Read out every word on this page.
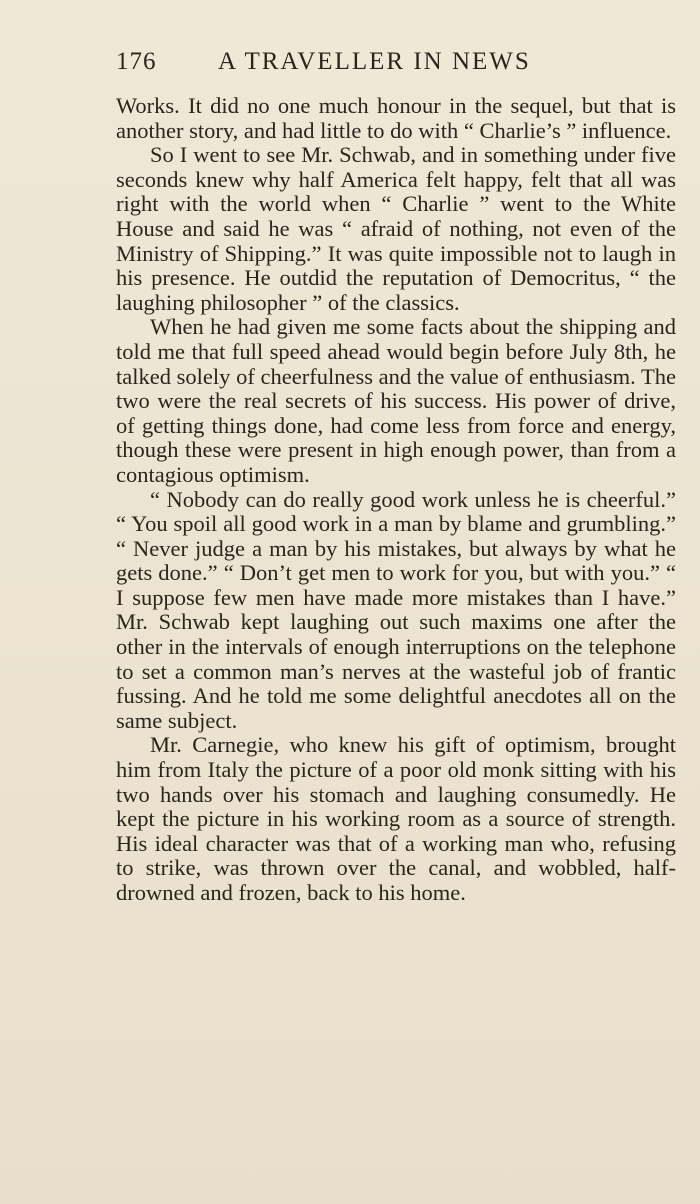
176	A TRAVELLER IN NEWS

Works. It did no one much honour in the sequel, but that is another story, and had little to do with “ Charlie’s ” influence.

So I went to see Mr. Schwab, and in something under five seconds knew why half America felt happy, felt that all was right with the world when “ Charlie ” went to the White House and said he was “ afraid of nothing, not even of the Ministry of Shipping.” It was quite impossible not to laugh in his presence. He outdid the reputation of Democritus, “ the laughing philosopher ” of the classics.

When he had given me some facts about the shipping and told me that full speed ahead would begin before July 8th, he talked solely of cheerfulness and the value of enthusiasm. The two were the real secrets of his success. His power of drive, of getting things done, had come less from force and energy, though these were present in high enough power, than from a contagious optimism.

“ Nobody can do really good work unless he is cheerful.” “ You spoil all good work in a man by blame and grumbling.” “ Never judge a man by his mistakes, but always by what he gets done.” “ Don’t get men to work for you, but with you.” “ I suppose few men have made more mistakes than I have.” Mr. Schwab kept laughing out such maxims one after the other in the intervals of enough interruptions on the telephone to set a common man’s nerves at the wasteful job of frantic fussing. And he told me some delightful anecdotes all on the same subject.

Mr. Carnegie, who knew his gift of optimism, brought him from Italy the picture of a poor old monk sitting with his two hands over his stomach and laughing consumedly. He kept the picture in his working room as a source of strength. His ideal character was that of a working man who, refusing to strike, was thrown over the canal, and wobbled, half-drowned and frozen, back to his home.
